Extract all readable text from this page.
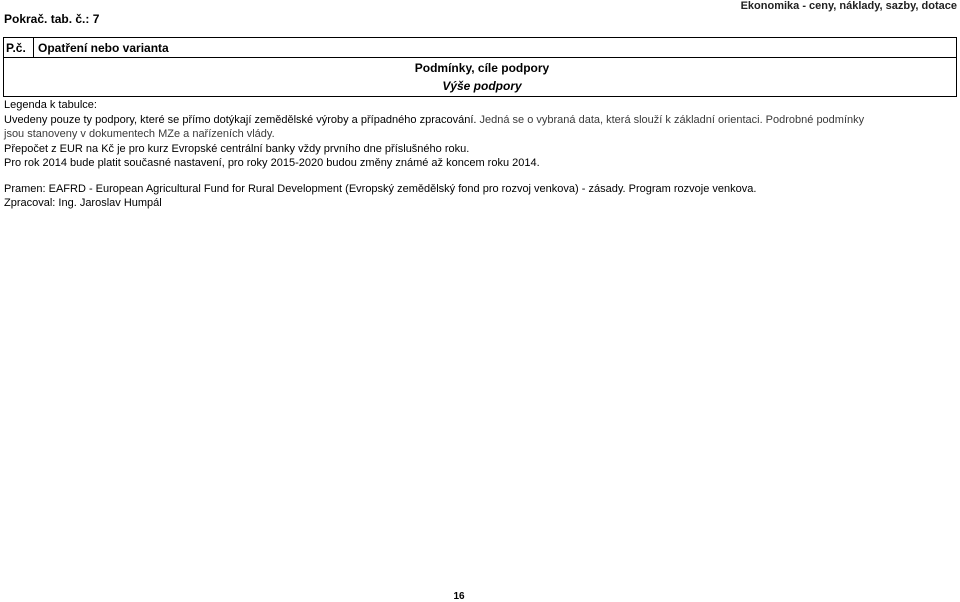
Pokrač. tab. č.: 7
Ekonomika - ceny, náklady, sazby, dotace
P.č.	Opatření nebo varianta
Podmínky, cíle podpory
Výše podpory
Legenda k tabulce:
Uvedeny pouze ty podpory, které se přímo dotýkají zemědělské výroby a případného zpracování. Jedná se o vybraná data, která slouží k základní orientaci. Podrobné podmínky
jsou stanoveny v dokumentech MZe a nařízeních vlády.
Přepočet z EUR na Kč je pro kurz Evropské centrální banky vždy prvního dne příslušného roku.
Pro rok 2014 bude platit současné nastavení, pro roky 2015-2020 budou změny známé až koncem roku 2014.
Pramen: EAFRD - European Agricultural Fund for Rural Development (Evropský zemědělský fond pro rozvoj venkova) - zásady. Program rozvoje venkova.
Zpracoval: Ing. Jaroslav Humpál
16
